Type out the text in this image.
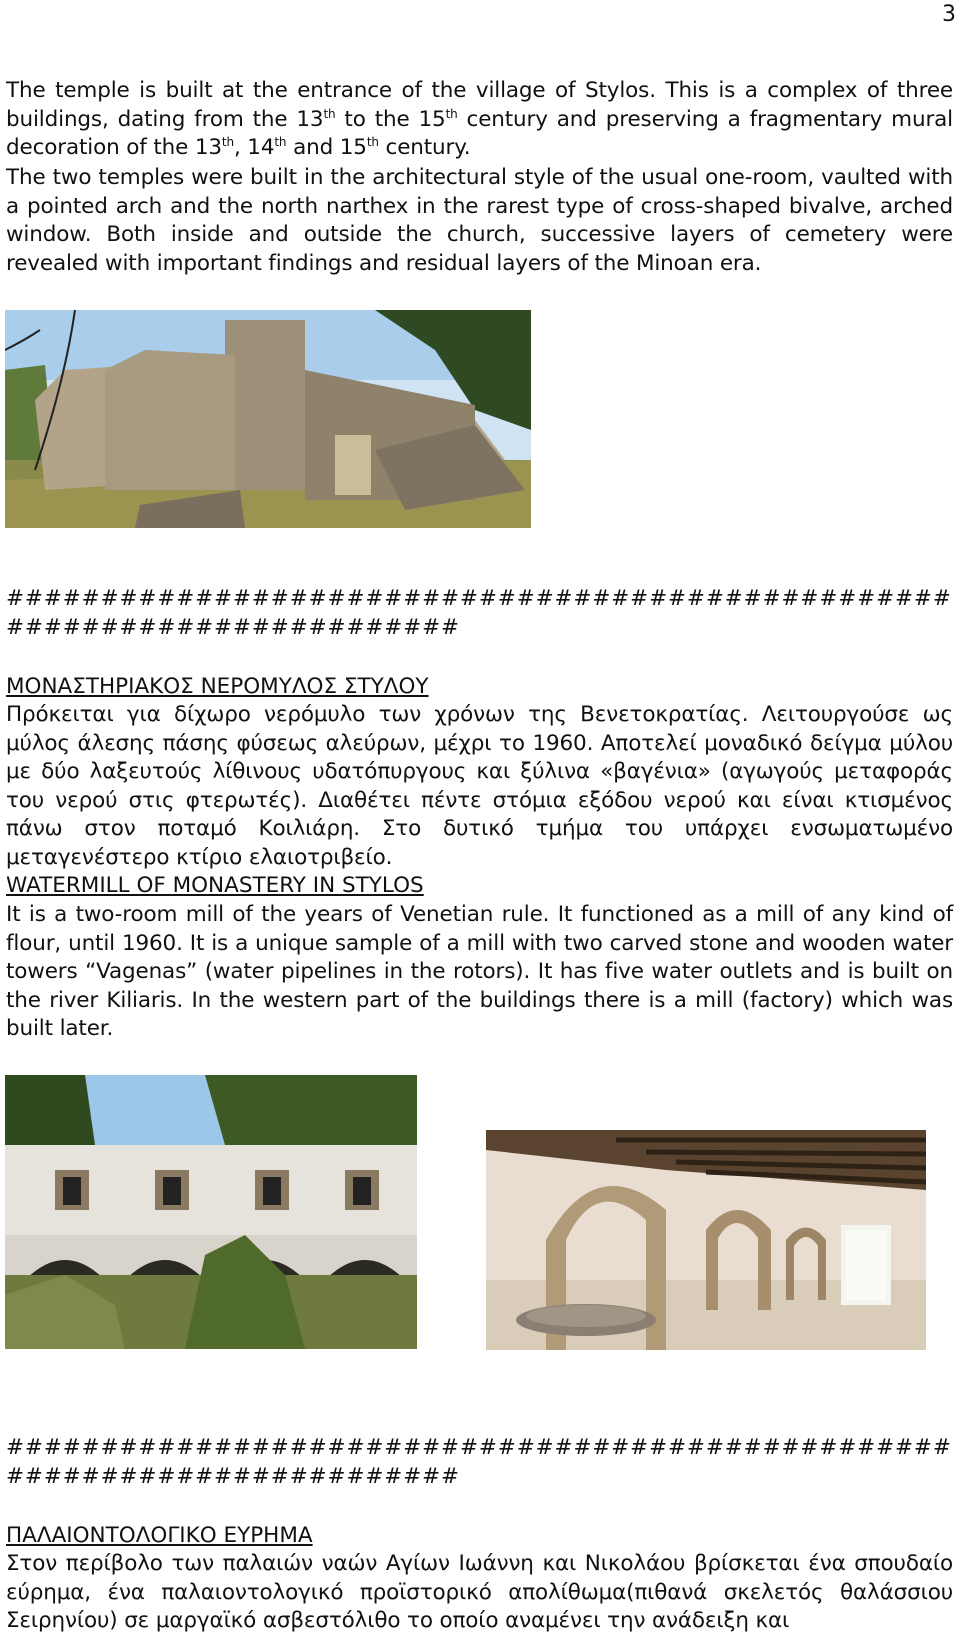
3

The temple is built at the entrance of the village of Stylos. This is a complex of three buildings, dating from the 13th to the 15th century and preserving a fragmentary mural decoration of the 13th, 14th and 15th century.

The two temples were built in the architectural style of the usual one-room, vaulted with a pointed arch and the north narthex in the rarest type of cross-shaped bivalve, arched window. Both inside and outside the church, successive layers of cemetery were revealed with important findings and residual layers of the Minoan era.

##########################################################################
ΜΟΝΑΣΤΗΡΙΑΚΟΣ ΝΕΡΟΜΥΛΟΣ ΣΤΥΛΟΥ

Πρόκειται για δίχωρο νερόμυλο των χρόνων της Βενετοκρατίας. Λειτουργούσε ως μύλος άλεσης πάσης φύσεως αλεύρων, μέχρι το 1960. Αποτελεί μοναδικό δείγμα μύλου με δύο λαξευτούς λίθινους υδατόπυργους και ξύλινα «βαγένια» (αγωγούς μεταφοράς του νερού στις φτερωτές). Διαθέτει πέντε στόμια εξόδου νερού και είναι κτισμένος πάνω στον ποταμό Κοιλιάρη. Στο δυτικό τμήμα του υπάρχει ενσωματωμένο μεταγενέστερο κτίριο ελαιοτριβείο.

WATERMILL OF MONASTERY IN STYLOS

It is a two-room mill of the years of Venetian rule. It functioned as a mill of any kind of flour, until 1960. It is a unique sample of a mill with two carved stone and wooden water towers “Vagenas” (water pipelines in the rotors). It has five water outlets and is built on the river Kiliaris. In the western part of the buildings there is a mill (factory) which was built later.

##########################################################################
ΠΑΛΑΙΟΝΤΟΛΟΓΙΚΟ ΕΥΡΗΜΑ

Στον περίβολο των παλαιών ναών Αγίων Ιωάννη και Νικολάου βρίσκεται ένα σπουδαίο εύρημα, ένα παλαιοντολογικό προϊστορικό απολίθωμα(πιθανά σκελετός θαλάσσιου Σειρηνίου) σε μαργαϊκό ασβεστόλιθο το οποίο αναμένει την ανάδειξη και
